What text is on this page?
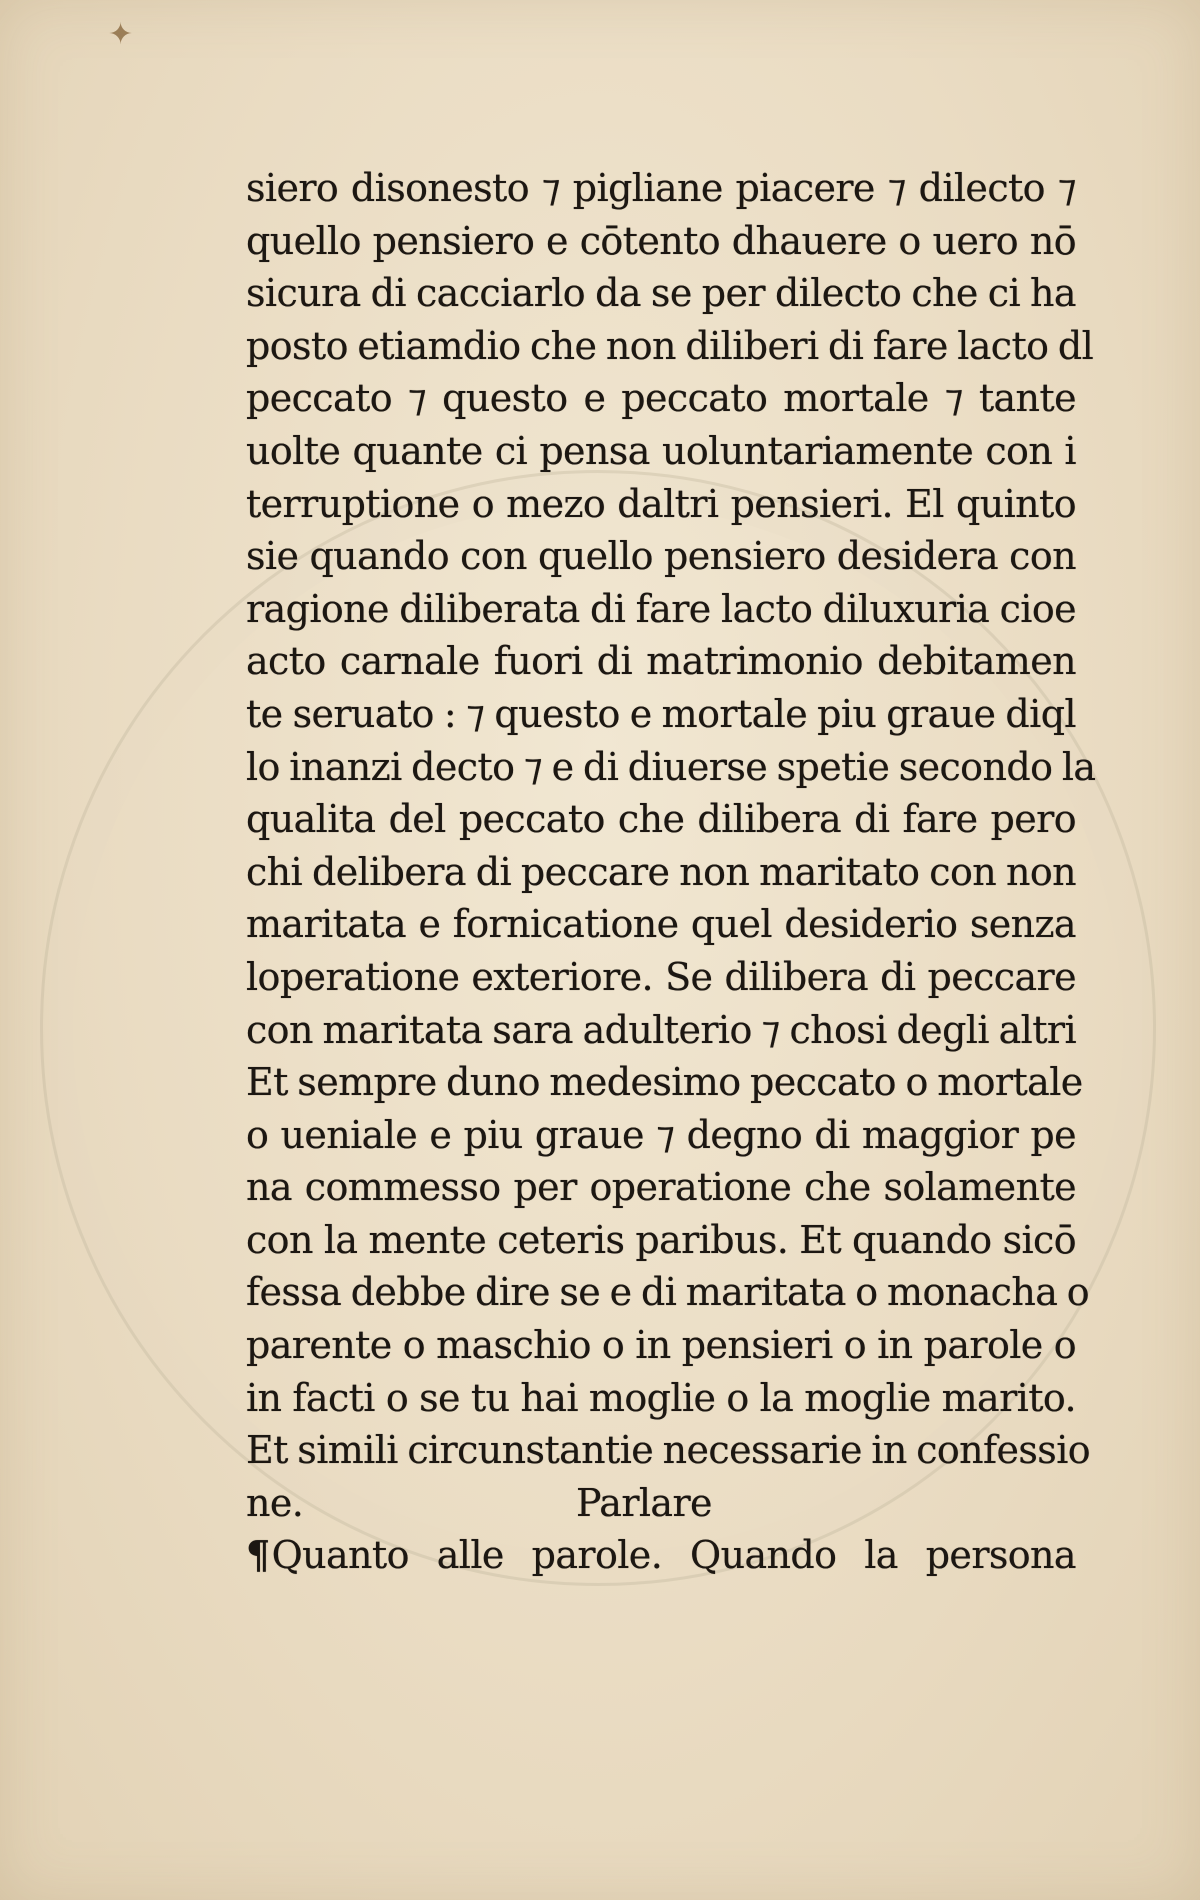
✦
siero disonesto ⁊ pigliane piacere ⁊ dilecto ⁊
quello pensiero e cōtento dhauere o uero nō
sicura di cacciarlo da se per dilecto che ci ha
posto etiamdio che non diliberi di fare lacto dl
peccato ⁊ questo e peccato mortale ⁊ tante
uolte quante ci pensa uoluntariamente con i
terruptione o mezo daltri pensieri. El quinto
sie quando con quello pensiero desidera con
ragione diliberata di fare lacto diluxuria cioe
acto carnale fuori di matrimonio debitamen
te seruato : ⁊ questo e mortale piu graue diql
lo inanzi decto ⁊ e di diuerse spetie secondo la
qualita del peccato che dilibera di fare pero
chi delibera di peccare non maritato con non
maritata e fornicatione quel desiderio senza
loperatione exteriore. Se dilibera di peccare
con maritata sara adulterio ⁊ chosi degli altri
Et sempre duno medesimo peccato o mortale
o ueniale e piu graue ⁊ degno di maggior pe
na commesso per operatione che solamente
con la mente ceteris paribus. Et quando sicō
fessa debbe dire se e di maritata o monacha o
parente o maschio o in pensieri o in parole o
in facti o se tu hai moglie o la moglie marito.
Et simili circunstantie necessarie in confessio
ne.	Parlare
¶Quanto alle parole. Quando la persona
